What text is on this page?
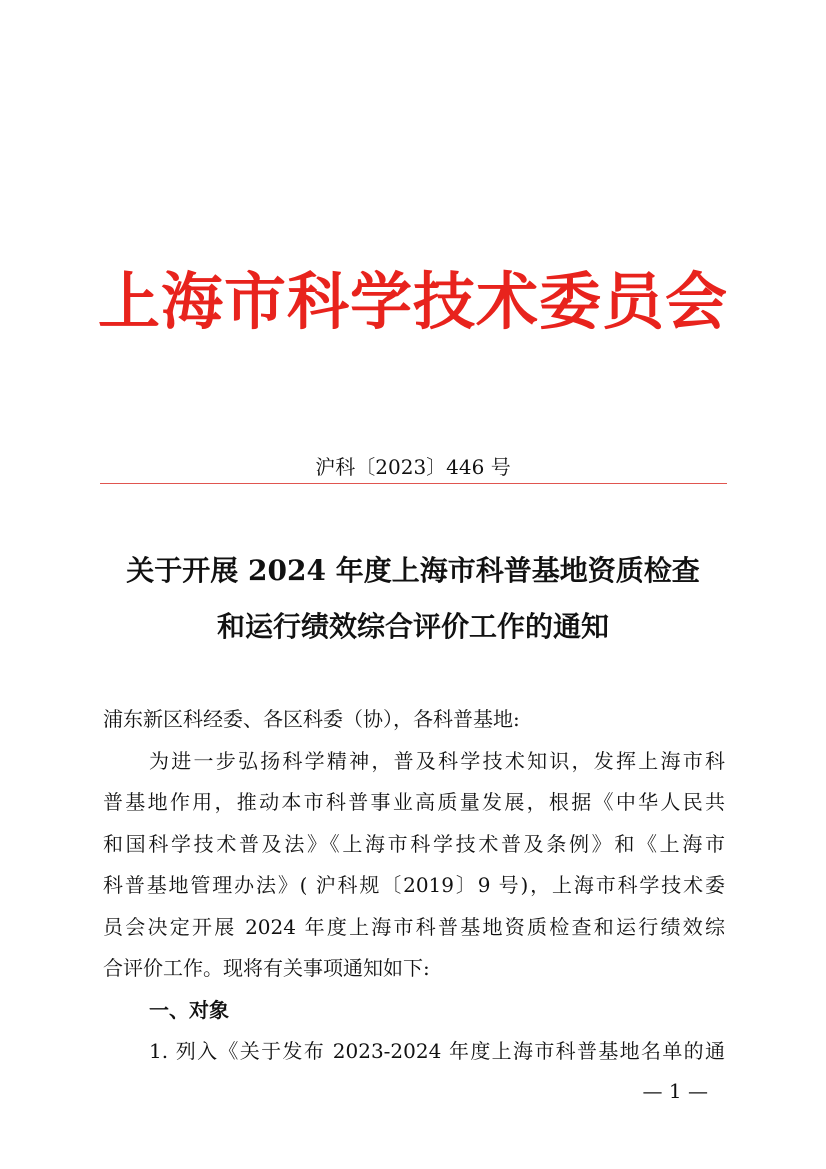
上海市科学技术委员会
沪科〔2023〕446 号
关于开展 2024 年度上海市科普基地资质检查
和运行绩效综合评价工作的通知

浦东新区科经委、各区科委（协），各科普基地:

为进一步弘扬科学精神，普及科学技术知识，发挥上海市科
普基地作用，推动本市科普事业高质量发展，根据《中华人民共
和国科学技术普及法》《上海市科学技术普及条例》和《上海市
科普基地管理办法》( 沪科规〔2019〕9 号)，上海市科学技术委
员会决定开展 2024 年度上海市科普基地资质检查和运行绩效综
合评价工作。现将有关事项通知如下:

一、对象

1. 列入《关于发布 2023-2024 年度上海市科普基地名单的通
— 1 —
